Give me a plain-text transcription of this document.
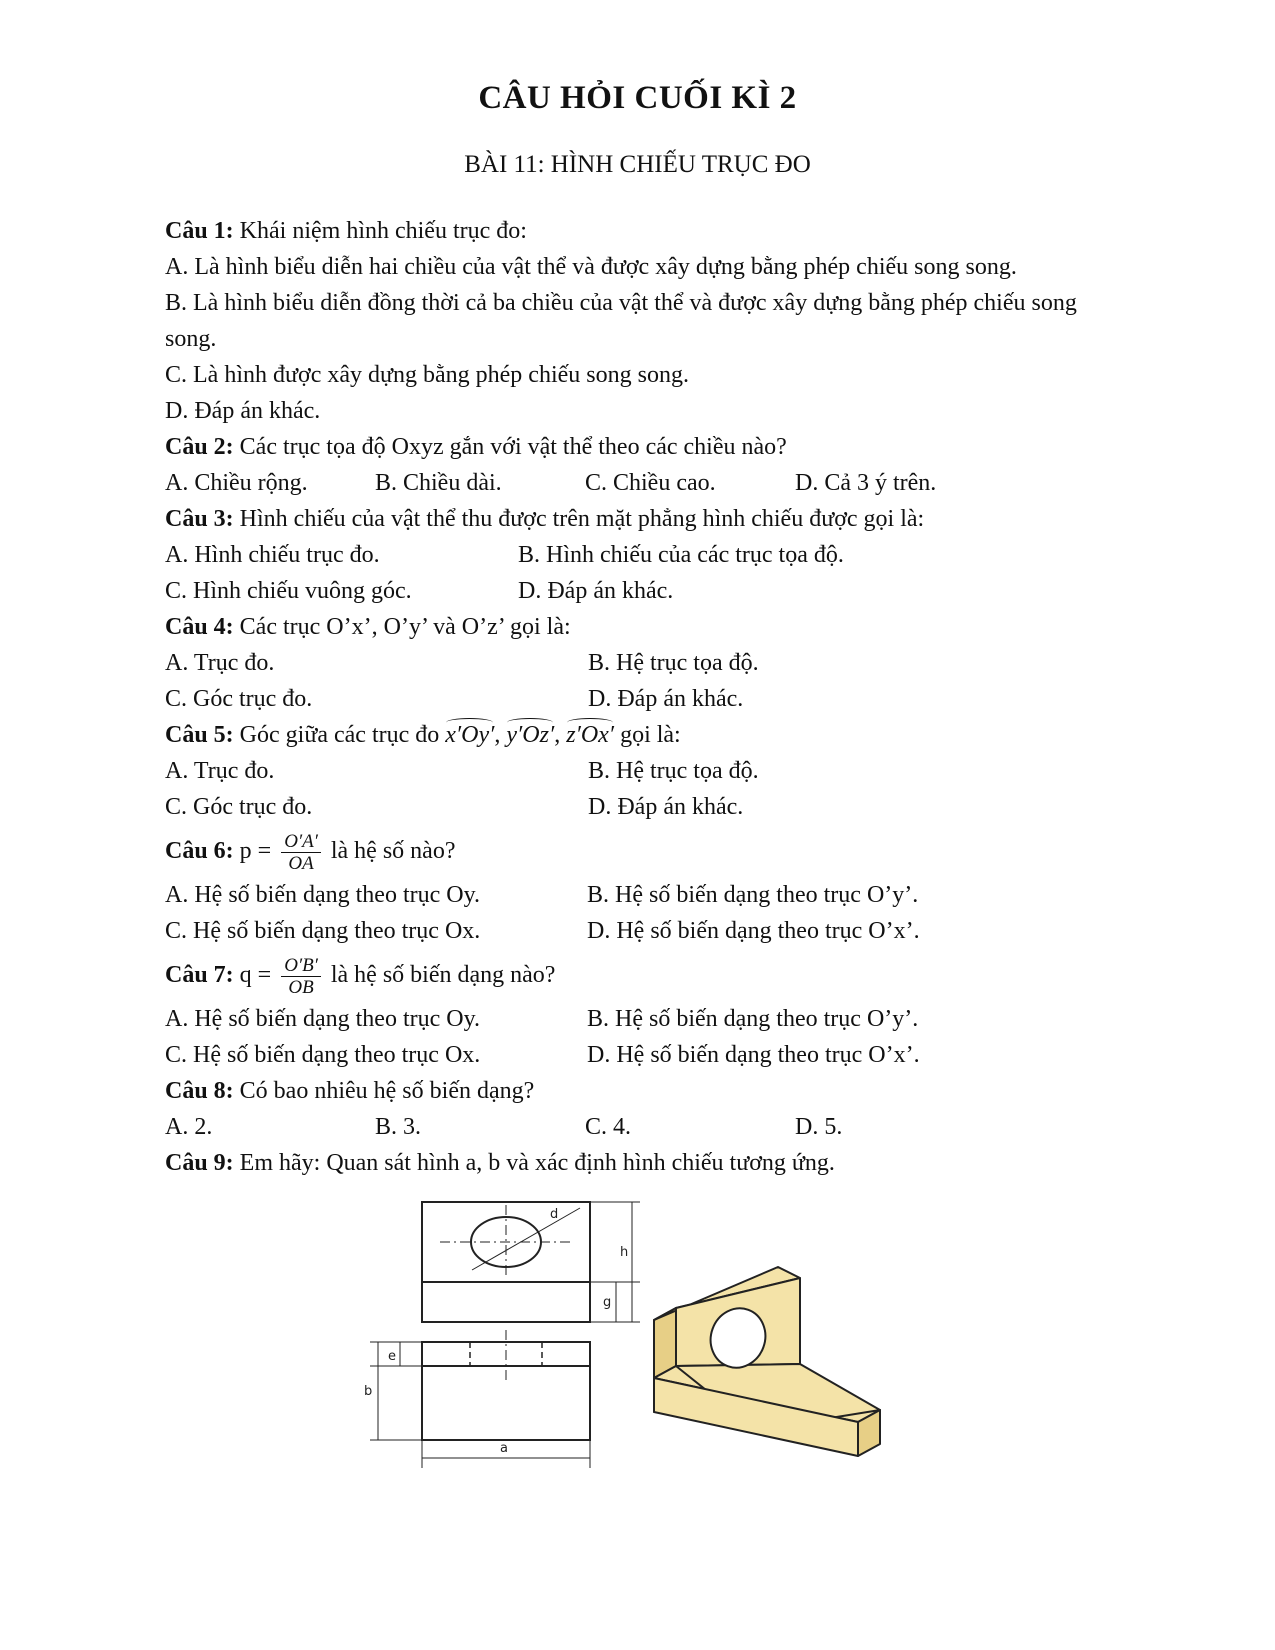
CÂU HỎI CUỐI KÌ 2
BÀI 11: HÌNH CHIẾU TRỤC ĐO
Câu 1: Khái niệm hình chiếu trục đo:
A. Là hình biểu diễn hai chiều của vật thể và được xây dựng bằng phép chiếu song song.
B. Là hình biểu diễn đồng thời cả ba chiều của vật thể và được xây dựng bằng phép chiếu song song.
C. Là hình được xây dựng bằng phép chiếu song song.
D. Đáp án khác.
Câu 2: Các trục tọa độ Oxyz gắn với vật thể theo các chiều nào?
A. Chiều rộng.	B. Chiều dài.	C. Chiều cao.	D. Cả 3 ý trên.
Câu 3: Hình chiếu của vật thể thu được trên mặt phẳng hình chiếu được gọi là:
A. Hình chiếu trục đo.	B. Hình chiếu của các trục tọa độ.
C. Hình chiếu vuông góc.	D. Đáp án khác.
Câu 4: Các trục O’x’, O’y’ và O’z’ gọi là:
A. Trục đo.	B. Hệ trục tọa độ.
C. Góc trục đo.	D. Đáp án khác.
Câu 5: Góc giữa các trục đo x′Oy′, y′Oz′, z′Ox′ gọi là:
A. Trục đo.	B. Hệ trục tọa độ.
C. Góc trục đo.	D. Đáp án khác.
Câu 6: $p = \frac{O'A'}{OA}$ là hệ số nào?
A. Hệ số biến dạng theo trục Oy.	B. Hệ số biến dạng theo trục O’y’.
C. Hệ số biến dạng theo trục Ox.	D. Hệ số biến dạng theo trục O’x’.
Câu 7: $q = \frac{O'B'}{OB}$ là hệ số biến dạng nào?
A. Hệ số biến dạng theo trục Oy.	B. Hệ số biến dạng theo trục O’y’.
C. Hệ số biến dạng theo trục Ox.	D. Hệ số biến dạng theo trục O’x’.
Câu 8: Có bao nhiêu hệ số biến dạng?
A. 2.	B. 3.	C. 4.	D. 5.
Câu 9: Em hãy: Quan sát hình a, b và xác định hình chiếu tương ứng.
d
h
g
e
b
a
